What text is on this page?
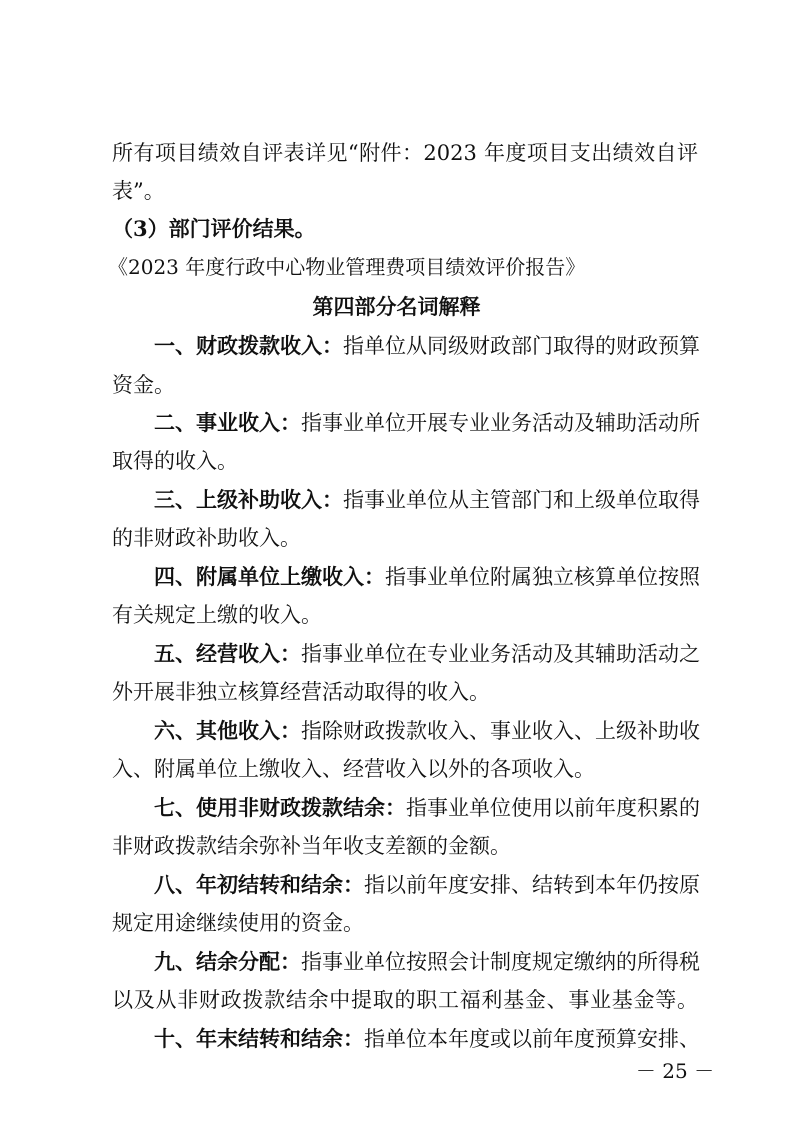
所有项目绩效自评表详见“附件：2023 年度项目支出绩效自评
表”。
（3）部门评价结果。
《2023 年度行政中心物业管理费项目绩效评价报告》
第四部分名词解释
一、财政拨款收入：指单位从同级财政部门取得的财政预算
资金。
二、事业收入：指事业单位开展专业业务活动及辅助活动所
取得的收入。
三、上级补助收入：指事业单位从主管部门和上级单位取得
的非财政补助收入。
四、附属单位上缴收入：指事业单位附属独立核算单位按照
有关规定上缴的收入。
五、经营收入：指事业单位在专业业务活动及其辅助活动之
外开展非独立核算经营活动取得的收入。
六、其他收入：指除财政拨款收入、事业收入、上级补助收
入、附属单位上缴收入、经营收入以外的各项收入。
七、使用非财政拨款结余：指事业单位使用以前年度积累的
非财政拨款结余弥补当年收支差额的金额。
八、年初结转和结余：指以前年度安排、结转到本年仍按原
规定用途继续使用的资金。
九、结余分配：指事业单位按照会计制度规定缴纳的所得税
以及从非财政拨款结余中提取的职工福利基金、事业基金等。
十、年末结转和结余：指单位本年度或以前年度预算安排、
－ 25 －
